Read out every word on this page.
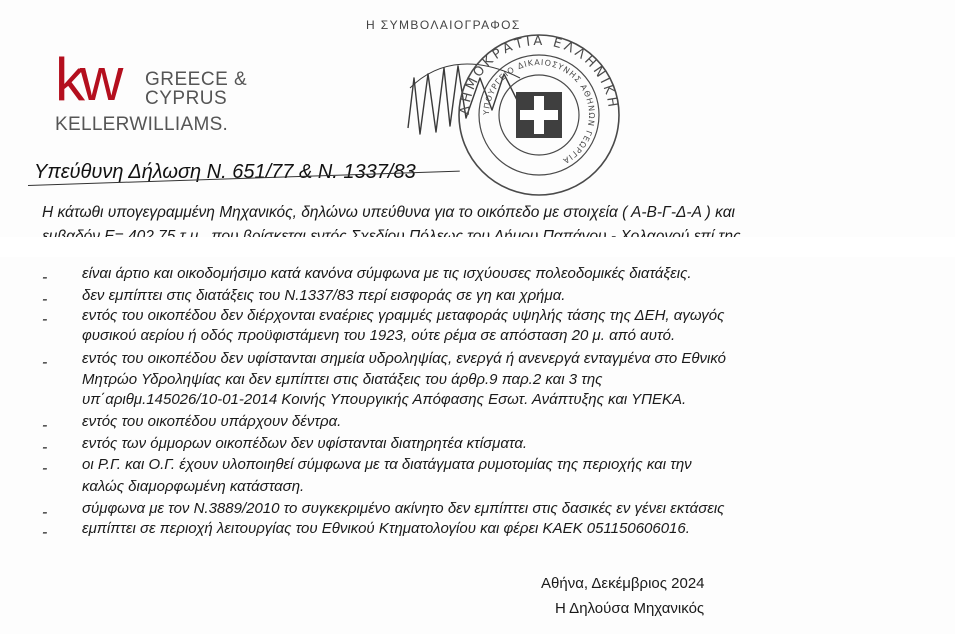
kw GREECE &
CYPRUS
KELLERWILLIAMS.
Η ΣΥΜΒΟΛΑΙΟΓΡΑΦΟΣ
ΔΗΜΟΚΡΑΤΙΑ ΕΛΛΗΝΙΚΗ
ΥΠΟΥΡΓΕΙΟ ΔΙΚΑΙΟΣΥΝΗΣ ΑΘΗΝΩΝ ΓΕΩΡΓΙΑ
Υπεύθυνη Δήλωση Ν. 651/77 & Ν. 1337/83
Η κάτωθι υπογεγραμμένη Μηχανικός, δηλώνω υπεύθυνα για το οικόπεδο με στοιχεία ( Α-Β-Γ-Δ-Α ) και
- είναι άρτιο και οικοδομήσιμο κατά κανόνα σύμφωνα με τις ισχύουσες πολεοδομικές διατάξεις.
- δεν εμπίπτει στις διατάξεις του Ν.1337/83 περί εισφοράς σε γη και χρήμα.
- εντός του οικοπέδου δεν διέρχονται εναέριες γραμμές μεταφοράς υψηλής τάσης της ΔΕΗ, αγωγός
φυσικού αερίου ή οδός προϋφιστάμενη του 1923, ούτε ρέμα σε απόσταση 20 μ. από αυτό.
- εντός του οικοπέδου δεν υφίστανται σημεία υδροληψίας, ενεργά ή ανενεργά ενταγμένα στο Εθνικό
Μητρώο Υδροληψίας και δεν εμπίπτει στις διατάξεις του άρθρ.9 παρ.2 και 3 της
υπ΄αριθμ.145026/10-01-2014 Κοινής Υπουργικής Απόφασης Εσωτ. Ανάπτυξης και ΥΠΕΚΑ.
- εντός του οικοπέδου υπάρχουν δέντρα.
- εντός των όμμορων οικοπέδων δεν υφίστανται διατηρητέα κτίσματα.
- οι Ρ.Γ. και Ο.Γ. έχουν υλοποιηθεί σύμφωνα με τα διατάγματα ρυμοτομίας της περιοχής και την
καλώς διαμορφωμένη κατάσταση.
- σύμφωνα με τον Ν.3889/2010 το συγκεκριμένο ακίνητο δεν εμπίπτει στις δασικές εν γένει εκτάσεις
- εμπίπτει σε περιοχή λειτουργίας του Εθνικού Κτηματολογίου και φέρει ΚΑΕΚ 051150606016.
Αθήνα, Δεκέμβριος 2024
Η Δηλούσα Μηχανικός
